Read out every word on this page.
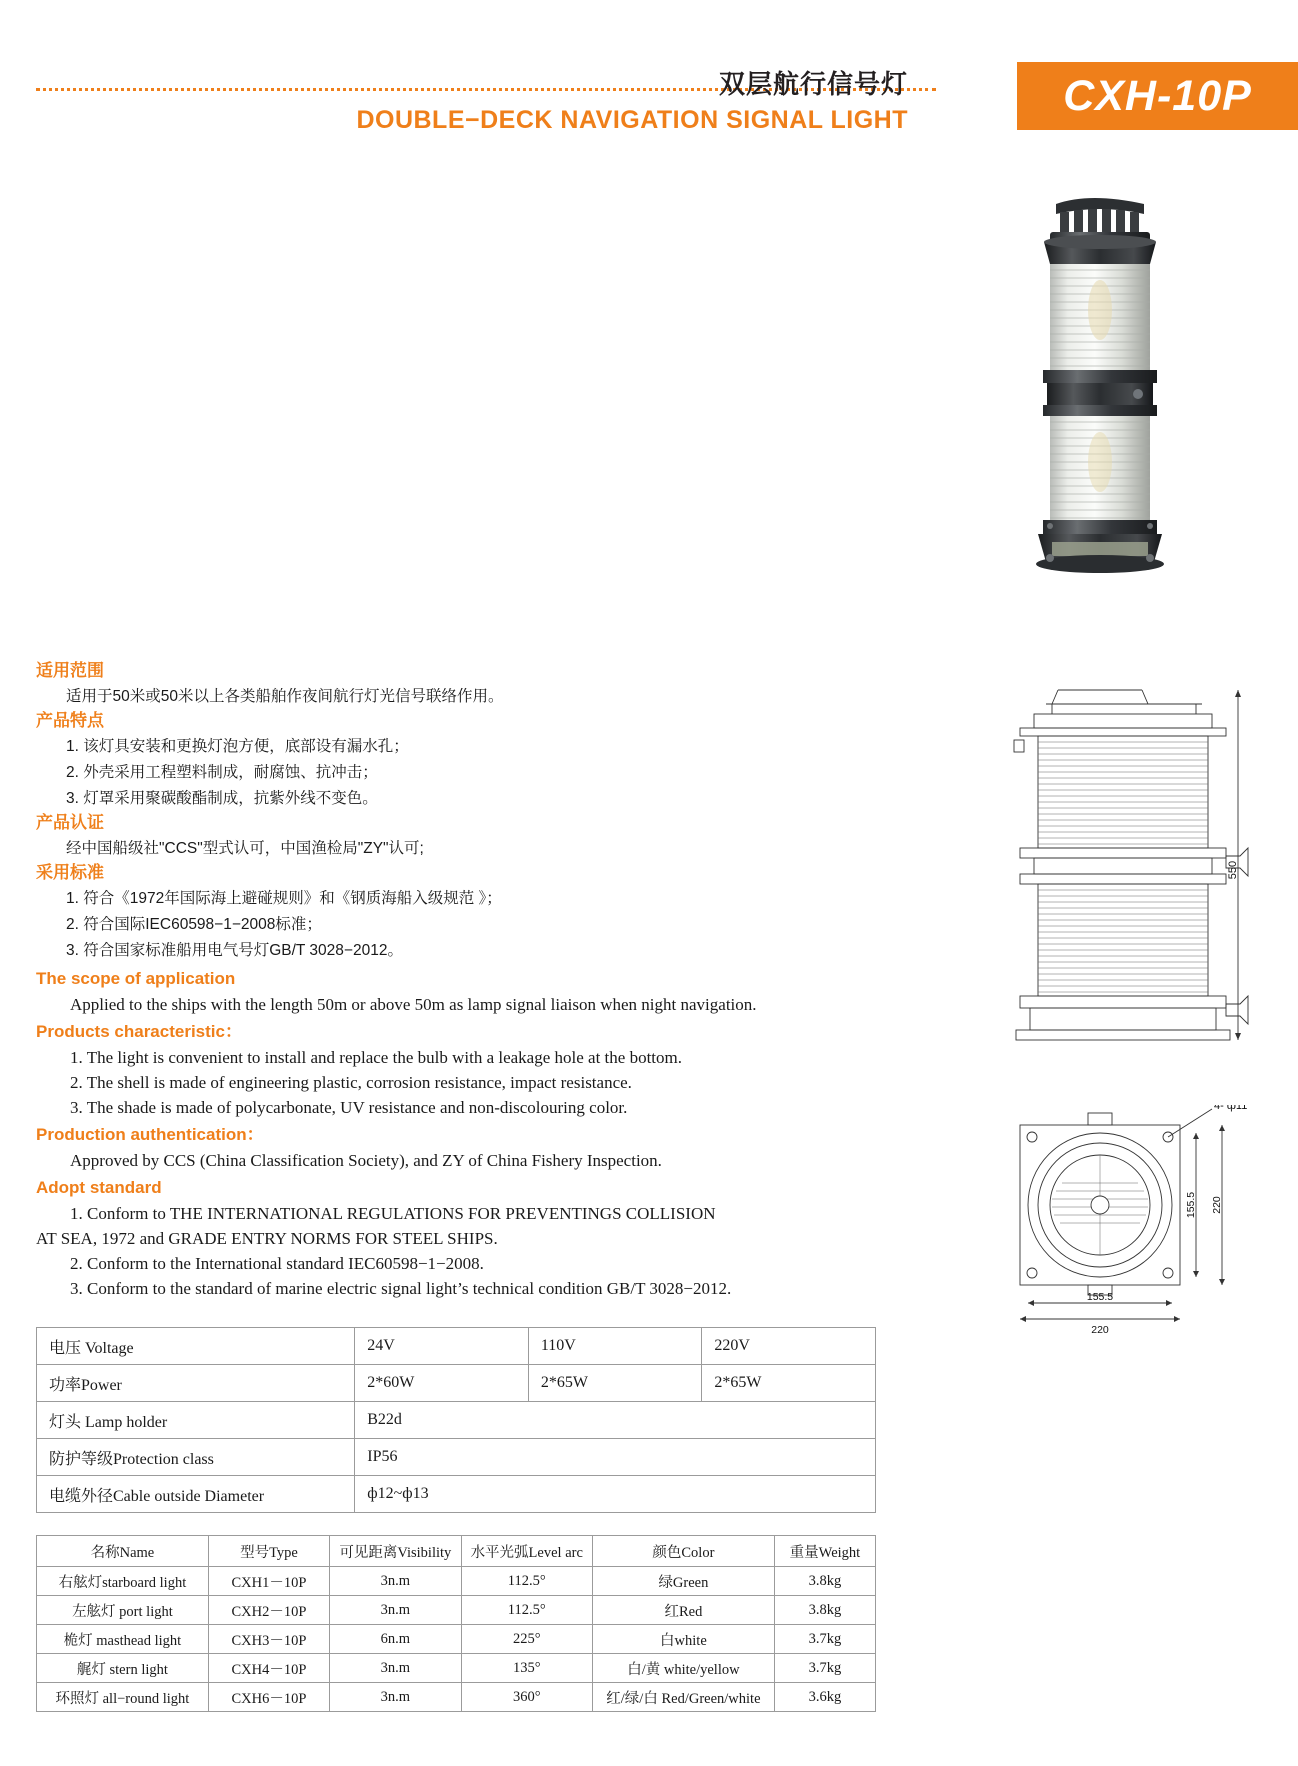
双层航行信号灯
DOUBLE−DECK NAVIGATION SIGNAL LIGHT
CXH-10P
550
4- ф11
155.5 220
155.5
220
适用范围

适用于50米或50米以上各类船舶作夜间航行灯光信号联络作用。

产品特点

1. 该灯具安装和更换灯泡方便，底部设有漏水孔；

2. 外壳采用工程塑料制成，耐腐蚀、抗冲击；

3. 灯罩采用聚碳酸酯制成，抗紫外线不变色。

产品认证

经中国船级社"CCS"型式认可，中国渔检局"ZY"认可;

采用标准

1. 符合《1972年国际海上避碰规则》和《钢质海船入级规范 》；

2. 符合国际IEC60598−1−2008标准；

3. 符合国家标准船用电气号灯GB/T 3028−2012。

The scope of application

Applied to the ships with the length 50m or above 50m as lamp signal liaison when night navigation.

Products characteristic：

1. The light is convenient to install and replace the bulb with a leakage hole at the bottom.

2. The shell is made of engineering plastic, corrosion resistance, impact resistance.

3. The shade is made of polycarbonate, UV resistance and non-discolouring color.

Production authentication：

Approved by CCS (China Classification Society), and ZY of China Fishery Inspection.

Adopt standard

1. Conform to THE INTERNATIONAL REGULATIONS FOR PREVENTINGS COLLISION

AT SEA, 1972 and GRADE ENTRY NORMS FOR STEEL SHIPS.

2. Conform to the International standard IEC60598−1−2008.

3. Conform to the standard of marine electric signal light’s technical condition GB/T 3028−2012.

电压 Voltage	24V	110V	220V
功率Power	2*60W	2*65W	2*65W
灯头 Lamp holder	B22d		
防护等级Protection class	IP56		
电缆外径Cable outside Diameter	ф12~ф13		
名称Name	型号Type	可见距离Visibility	水平光弧Level arc	颜色Color	重量Weight
右舷灯starboard light	CXH1－10P	3n.m	112.5°	绿Green	3.8kg
左舷灯 port light	CXH2－10P	3n.m	112.5°	红Red	3.8kg
桅灯 masthead light	CXH3－10P	6n.m	225°	白white	3.7kg
艉灯 stern light	CXH4－10P	3n.m	135°	白/黄 white/yellow	3.7kg
环照灯 all−round light	CXH6－10P	3n.m	360°	红/绿/白 Red/Green/white	3.6kg
